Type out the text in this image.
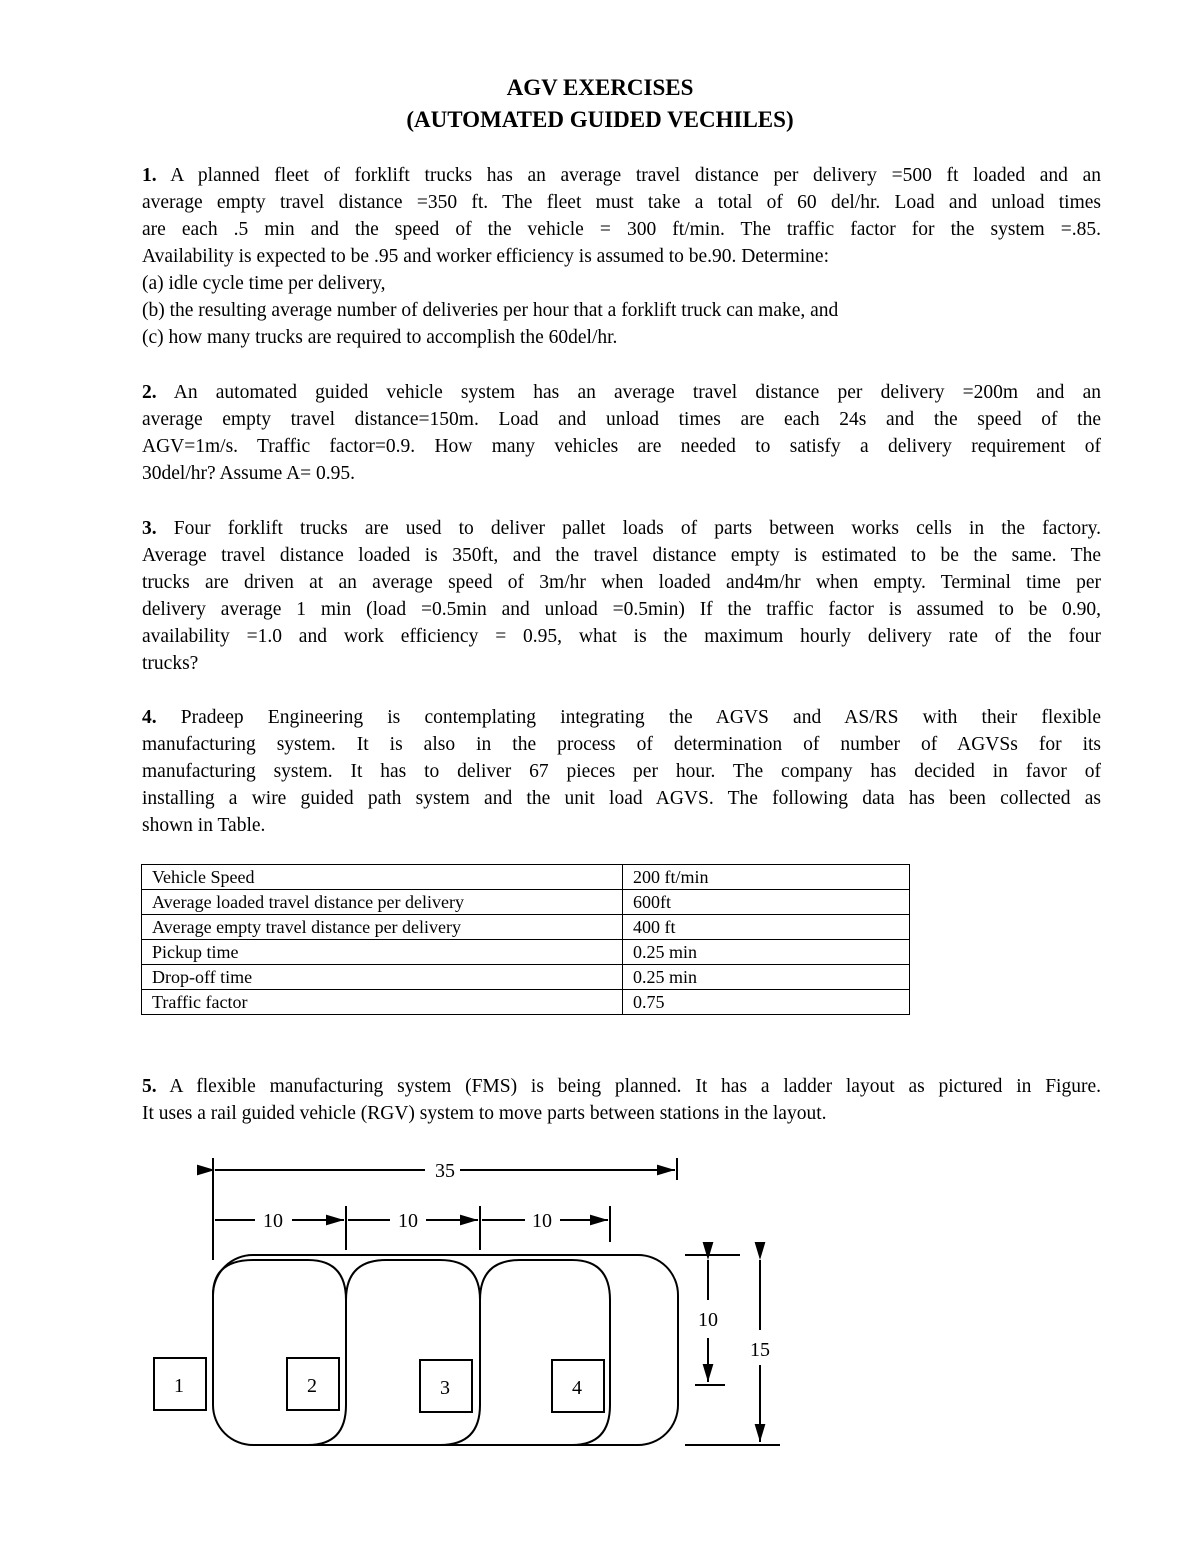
AGV EXERCISES
(AUTOMATED GUIDED VECHILES)
1. A planned fleet of forklift trucks has an average travel distance per delivery =500 ft loaded and an
average empty travel distance =350 ft. The fleet must take a total of 60 del/hr. Load and unload times
are each .5 min and the speed of the vehicle = 300 ft/min. The traffic factor for the system =.85.
Availability is expected to be .95 and worker efficiency is assumed to be.90. Determine:
(a) idle cycle time per delivery,
(b) the resulting average number of deliveries per hour that a forklift truck can make, and
(c) how many trucks are required to accomplish the 60del/hr.
2. An automated guided vehicle system has an average travel distance per delivery =200m and an
average empty travel distance=150m. Load and unload times are each 24s and the speed of the
AGV=1m/s. Traffic factor=0.9. How many vehicles are needed to satisfy a delivery requirement of
30del/hr? Assume A= 0.95.
3. Four forklift trucks are used to deliver pallet loads of parts between works cells in the factory.
Average travel distance loaded is 350ft, and the travel distance empty is estimated to be the same. The
trucks are driven at an average speed of 3m/hr when loaded and4m/hr when empty. Terminal time per
delivery average 1 min (load =0.5min and unload =0.5min) If the traffic factor is assumed to be 0.90,
availability =1.0 and work efficiency = 0.95, what is the maximum hourly delivery rate of the four
trucks?
4. Pradeep Engineering is contemplating integrating the AGVS and AS/RS with their flexible
manufacturing system. It is also in the process of determination of number of AGVSs for its
manufacturing system. It has to deliver 67 pieces per hour. The company has decided in favor of
installing a wire guided path system and the unit load AGVS. The following data has been collected as
shown in Table.
Vehicle Speed	200 ft/min
Average loaded travel distance per delivery	600ft
Average empty travel distance per delivery	400 ft
Pickup time	0.25 min
Drop-off time	0.25 min
Traffic factor	0.75
5. A flexible manufacturing system (FMS) is being planned. It has a ladder layout as pictured in Figure.
It uses a rail guided vehicle (RGV) system to move parts between stations in the layout.
35
10	10	10
10
15
1	2	3	4
